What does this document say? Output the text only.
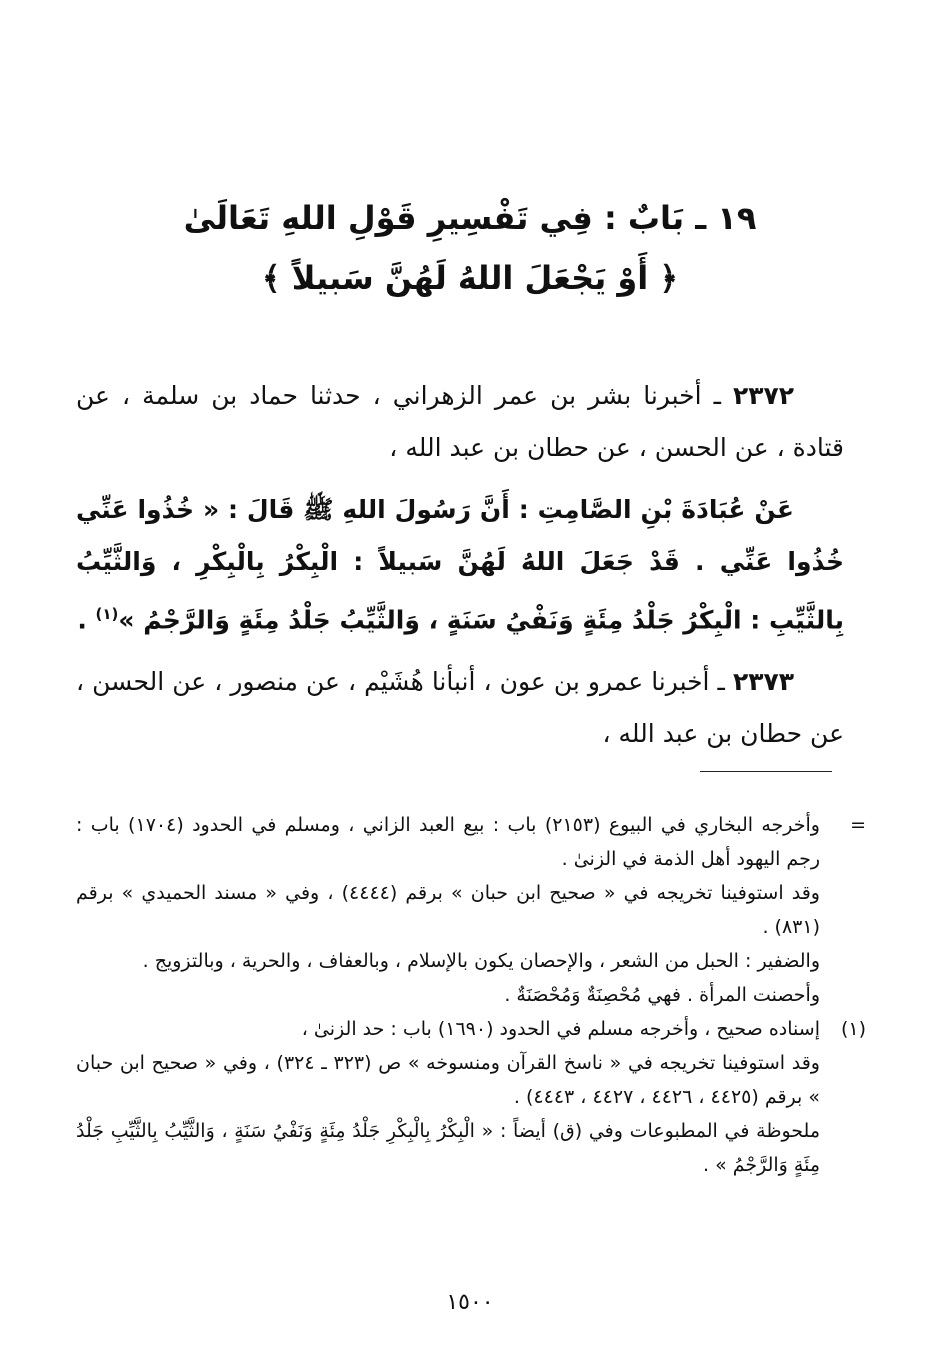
١٩ ـ بَابٌ : فِي تَفْسِيرِ قَوْلِ اللهِ تَعَالَىٰ
﴿ أَوْ يَجْعَلَ اللهُ لَهُنَّ سَبيلاً ﴾

٢٣٧٢ ـ أخبرنا بشر بن عمر الزهراني ، حدثنا حماد بن سلمة ، عن قتادة ، عن الحسن ، عن حطان بن عبد الله ،

عَنْ عُبَادَةَ بْنِ الصَّامِتِ : أَنَّ رَسُولَ اللهِ ﷺ قَالَ : « خُذُوا عَنِّي خُذُوا عَنِّي . قَدْ جَعَلَ اللهُ لَهُنَّ سَبيلاً : الْبِكْرُ بِالْبِكْرِ ، وَالثَّيِّبُ بِالثَّيِّبِ : الْبِكْرُ جَلْدُ مِئَةٍ وَنَفْيُ سَنَةٍ ، وَالثَّيِّبُ جَلْدُ مِئَةٍ وَالرَّجْمُ »$^{(١)}$ .

٢٣٧٣ ـ أخبرنا عمرو بن عون ، أنبأنا هُشَيْم ، عن منصور ، عن الحسن ، عن حطان بن عبد الله ،

=

وأخرجه البخاري في البيوع (٢١٥٣) باب : بيع العبد الزاني ، ومسلم في الحدود (١٧٠٤) باب : رجم اليهود أهل الذمة في الزنىٰ .

وقد استوفينا تخريجه في « صحيح ابن حبان » برقم (٤٤٤٤) ، وفي « مسند الحميدي » برقم (٨٣١) .

والضفير : الحبل من الشعر ، والإحصان يكون بالإسلام ، وبالعفاف ، والحرية ، وبالتزويج .

وأحصنت المرأة . فهي مُحْصِنَةٌ وَمُحْصَنَةٌ .

(١)

إسناده صحيح ، وأخرجه مسلم في الحدود (١٦٩٠) باب : حد الزنىٰ ،

وقد استوفينا تخريجه في « ناسخ القرآن ومنسوخه » ص (٣٢٣ ـ ٣٢٤) ، وفي « صحيح ابن حبان » برقم (٤٤٢٥ ، ٤٤٢٦ ، ٤٤٢٧ ، ٤٤٤٣) .

ملحوظة في المطبوعات وفي (ق) أيضاً : « الْبِكْرُ بِالْبِكْرِ جَلْدُ مِئَةٍ وَنَفْيُ سَنَةٍ ، وَالثَّيِّبُ بِالثَّيِّبِ جَلْدُ مِئَةٍ وَالرَّجْمُ » .

١٥٠٠
